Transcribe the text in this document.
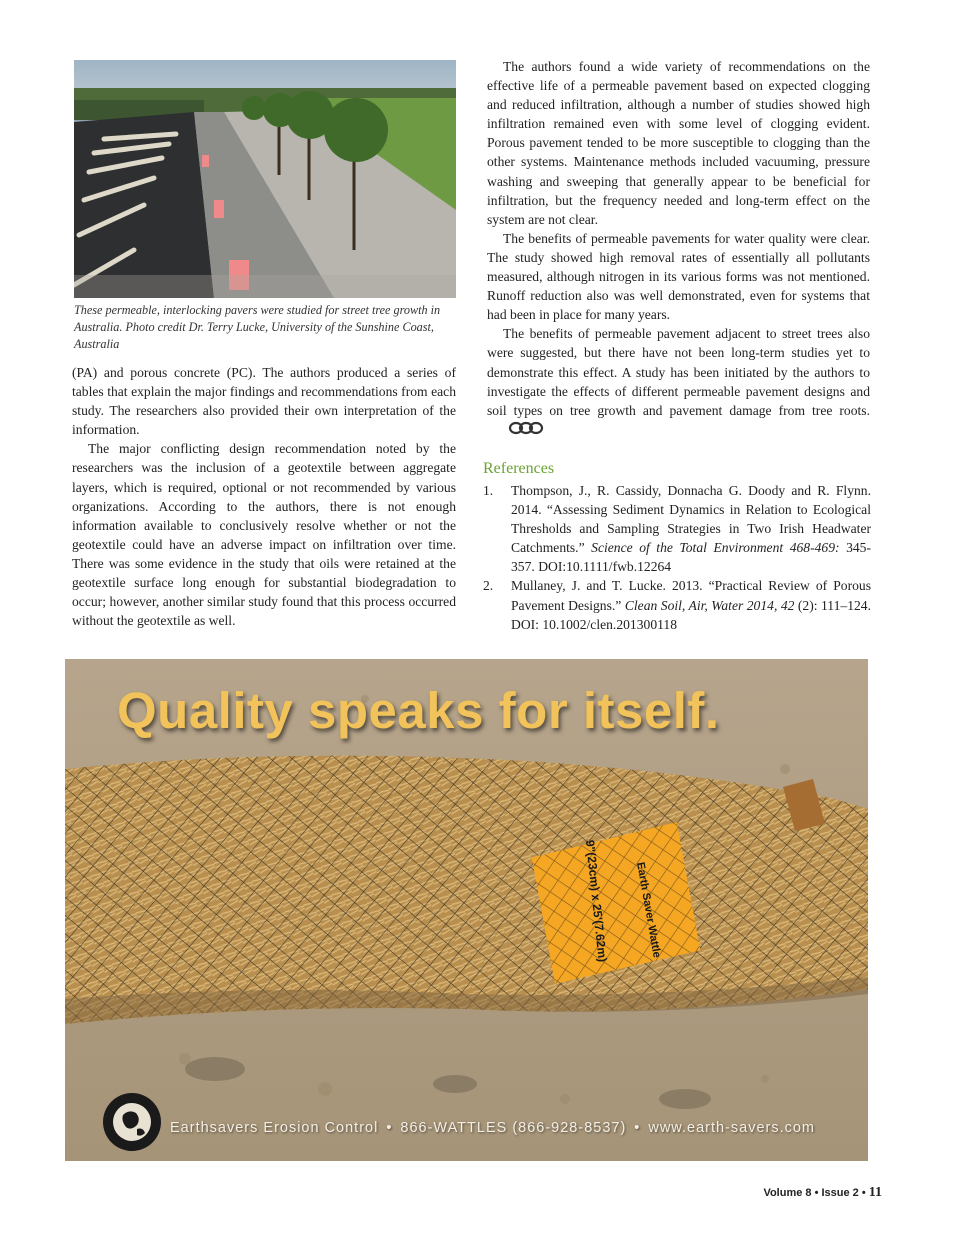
These permeable, interlocking pavers were studied for street tree growth in Australia. Photo credit Dr. Terry Lucke, University of the Sunshine Coast, Australia

(PA) and porous concrete (PC). The authors produced a series of tables that explain the major findings and recommendations from each study. The researchers also provided their own interpretation of the information.

The major conflicting design recommendation noted by the researchers was the inclusion of a geotextile between aggregate layers, which is required, optional or not recommended by various organizations. According to the authors, there is not enough information available to conclusively resolve whether or not the geotextile could have an adverse impact on infiltration over time. There was some evidence in the study that oils were retained at the geotextile surface long enough for substantial biodegradation to occur; however, another similar study found that this process occurred without the geotextile as well.

The authors found a wide variety of recommendations on the effective life of a permeable pavement based on expected clogging and reduced infiltration, although a number of studies showed high infiltration remained even with some level of clogging evident. Porous pavement tended to be more susceptible to clogging than the other systems. Maintenance methods included vacuuming, pressure washing and sweeping that generally appear to be beneficial for infiltration, but the frequency needed and long-term effect on the system are not clear.

The benefits of permeable pavements for water quality were clear. The study showed high removal rates of essentially all pollutants measured, although nitrogen in its various forms was not mentioned. Runoff reduction also was well demonstrated, even for systems that had been in place for many years.

The benefits of permeable pavement adjacent to street trees also were suggested, but there have not been long-term studies yet to demonstrate this effect. A study has been initiated by the authors to investigate the effects of different permeable pavement designs and soil types on tree growth and pavement damage from tree roots.

References
1. Thompson, J., R. Cassidy, Donnacha G. Doody and R. Flynn. 2014. “Assessing Sediment Dynamics in Relation to Ecological Thresholds and Sampling Strategies in Two Irish Headwater Catchments.” Science of the Total Environment 468-469: 345-357. DOI:10.1111/fwb.12264
2. Mullaney, J. and T. Lucke. 2013. “Practical Review of Porous Pavement Designs.” Clean Soil, Air, Water 2014, 42 (2): 111–124. DOI: 10.1002/clen.201300118
9"(23cm) x 25'(7.62m) Earth Saver Wattle
Quality speaks for itself.
Earthsavers Erosion Control • 866-WATTLES (866-928-8537) • www.earth-savers.com
Volume 8 • Issue 2 • 11
